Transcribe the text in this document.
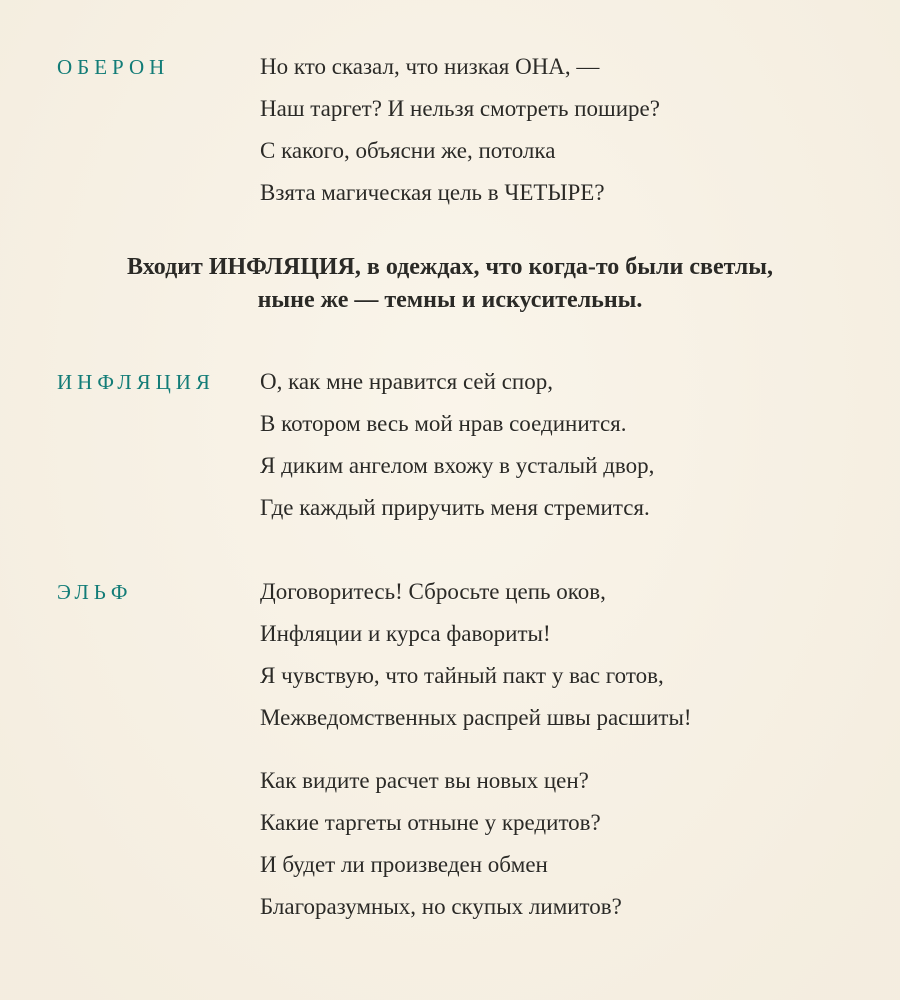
ОБЕРОН	Но кто сказал, что низкая ОНА, —

Наш таргет? И нельзя смотреть пошире?

С какого, объясни же, потолка

Взята магическая цель в ЧЕТЫРЕ?

Входит ИНФЛЯЦИЯ, в одеждах, что когда-то были светлы, ныне же — темны и искусительны.

ИНФЛЯЦИЯ	О, как мне нравится сей спор,

В котором весь мой нрав соединится.

Я диким ангелом вхожу в усталый двор,

Где каждый приручить меня стремится.

ЭЛЬФ	Договоритесь! Сбросьте цепь оков,

Инфляции и курса фавориты!

Я чувствую, что тайный пакт у вас готов,

Межведомственных распрей швы расшиты!

Как видите расчет вы новых цен?

Какие таргеты отныне у кредитов?

И будет ли произведен обмен

Благоразумных, но скупых лимитов?
